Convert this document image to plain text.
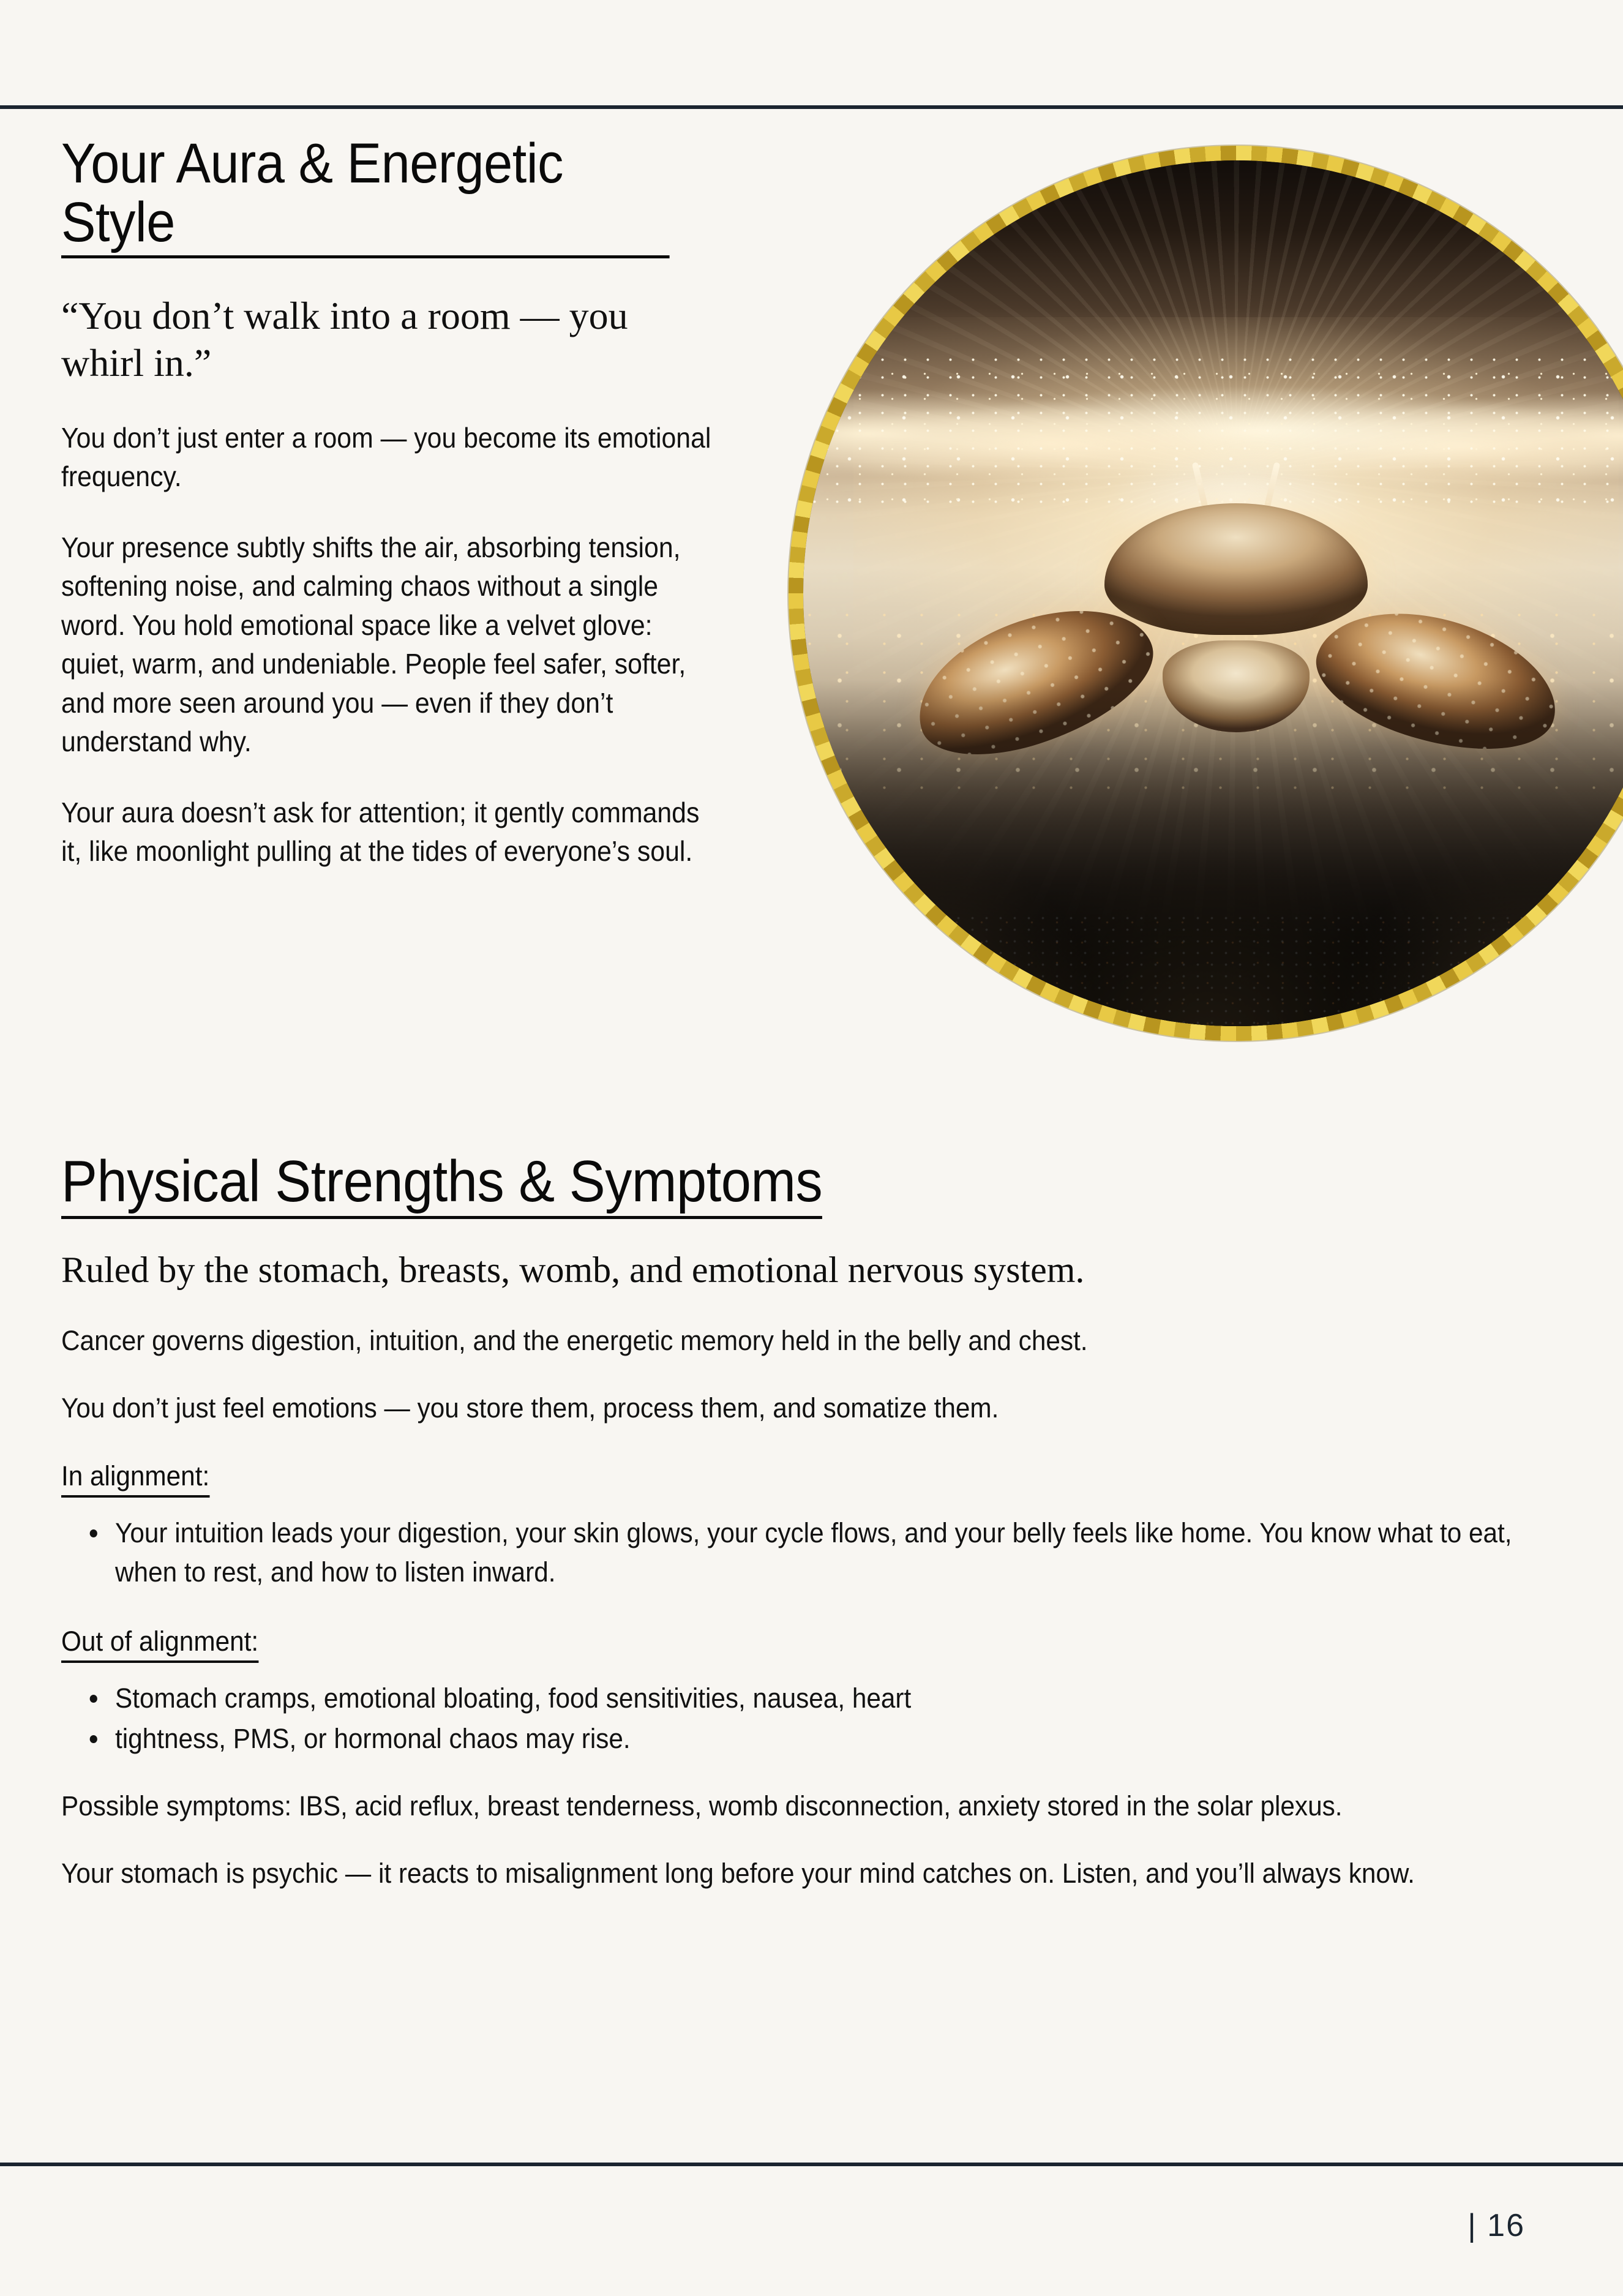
Your Aura & Energetic Style

“You don’t walk into a room — you whirl in.”

You don’t just enter a room — you become its emotional frequency.

Your presence subtly shifts the air, absorbing tension, softening noise, and calming chaos without a single word. You hold emotional space like a velvet glove: quiet, warm, and undeniable. People feel safer, softer, and more seen around you — even if they don’t understand why.

Your aura doesn’t ask for attention; it gently commands it, like moonlight pulling at the tides of everyone’s soul.

Physical Strengths & Symptoms

Ruled by the stomach, breasts, womb, and emotional nervous system.

Cancer governs digestion, intuition, and the energetic memory held in the belly and chest.

You don’t just feel emotions — you store them, process them, and somatize them.

In alignment:

Your intuition leads your digestion, your skin glows, your cycle flows, and your belly feels like home. You know what to eat, when to rest, and how to listen inward.

Out of alignment:

Stomach cramps, emotional bloating, food sensitivities, nausea, heart
tightness, PMS, or hormonal chaos may rise.

Possible symptoms: IBS, acid reflux, breast tenderness, womb disconnection, anxiety stored in the solar plexus.

Your stomach is psychic — it reacts to misalignment long before your mind catches on. Listen, and you’ll always know.

| 16
